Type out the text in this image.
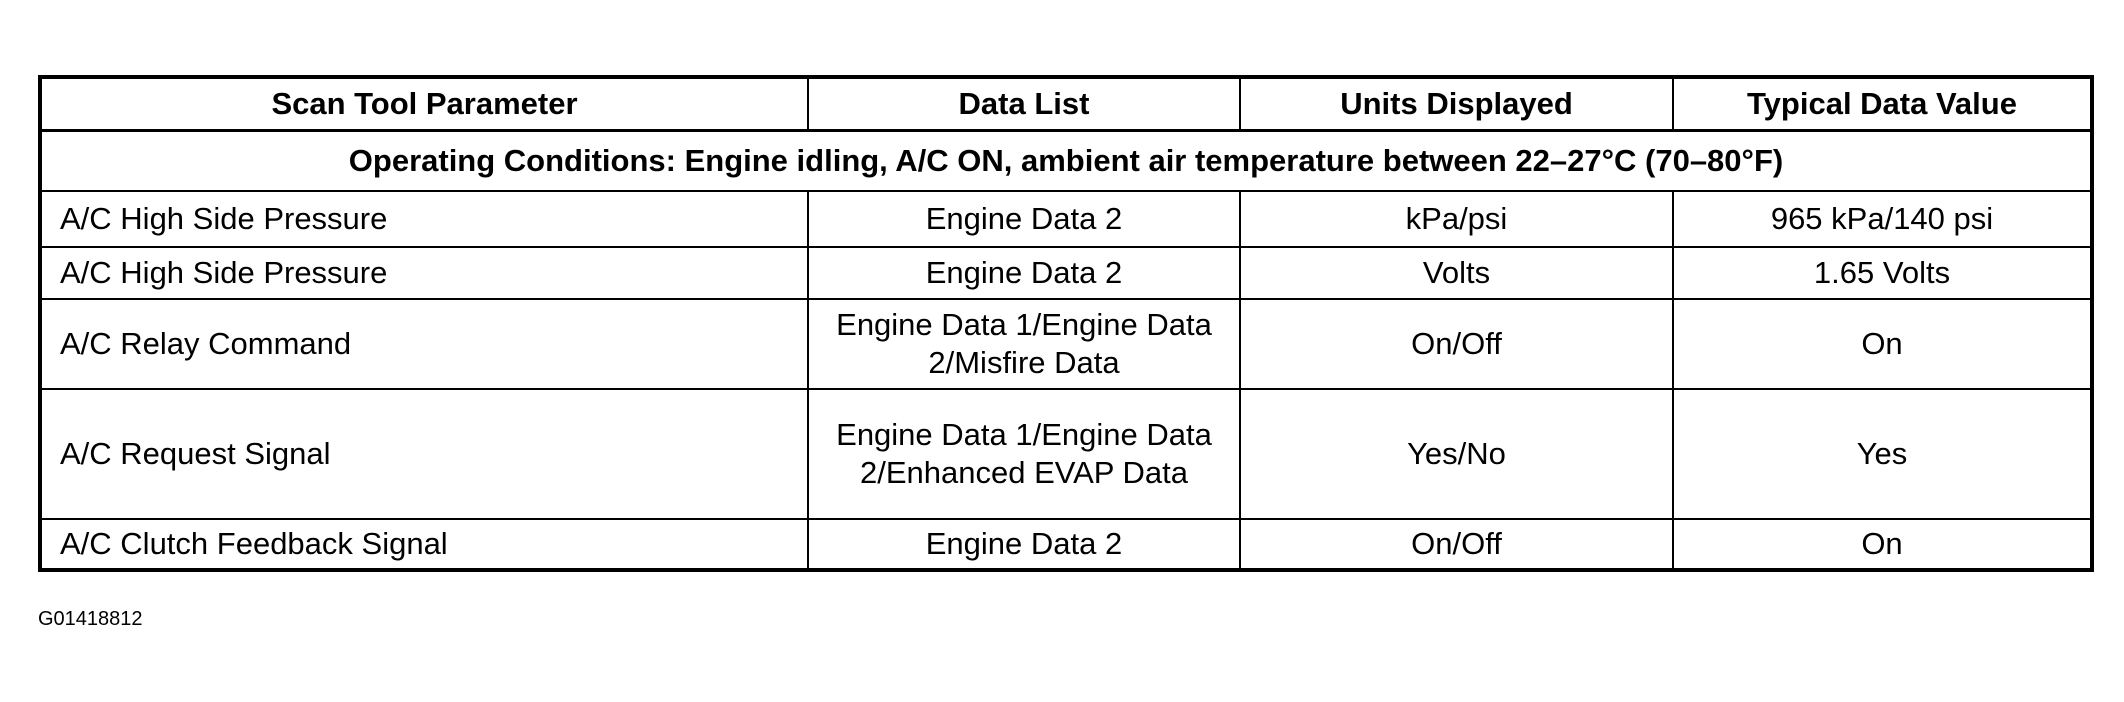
Scan Tool Parameter	Data List	Units Displayed	Typical Data Value
Operating Conditions: Engine idling, A/C ON, ambient air temperature between 22–27°C (70–80°F)			
A/C High Side Pressure	Engine Data 2	kPa/psi	965 kPa/140 psi
A/C High Side Pressure	Engine Data 2	Volts	1.65 Volts
A/C Relay Command	Engine Data 1/Engine Data 2/Misfire Data	On/Off	On
A/C Request Signal	Engine Data 1/Engine Data 2/Enhanced EVAP Data	Yes/No	Yes
A/C Clutch Feedback Signal	Engine Data 2	On/Off	On
G01418812
